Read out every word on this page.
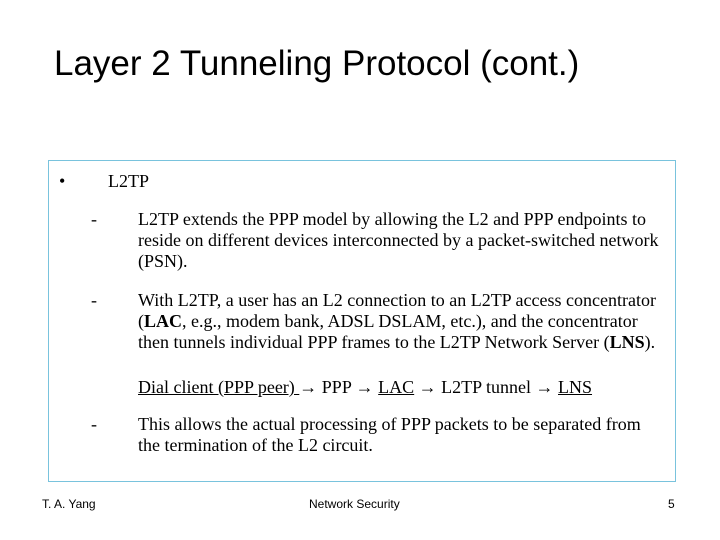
Layer 2 Tunneling Protocol (cont.)
• L2TP
- L2TP extends the PPP model by allowing the L2 and PPP endpoints to reside on different devices interconnected by a packet-switched network (PSN).
- With L2TP, a user has an L2 connection to an L2TP access concentrator (LAC, e.g., modem bank, ADSL DSLAM, etc.), and the concentrator then tunnels individual PPP frames to the L2TP Network Server (LNS).
Dial client (PPP peer) → PPP → LAC → L2TP tunnel → LNS
- This allows the actual processing of PPP packets to be separated from the termination of the L2 circuit.
T. A. Yang	Network Security	5
